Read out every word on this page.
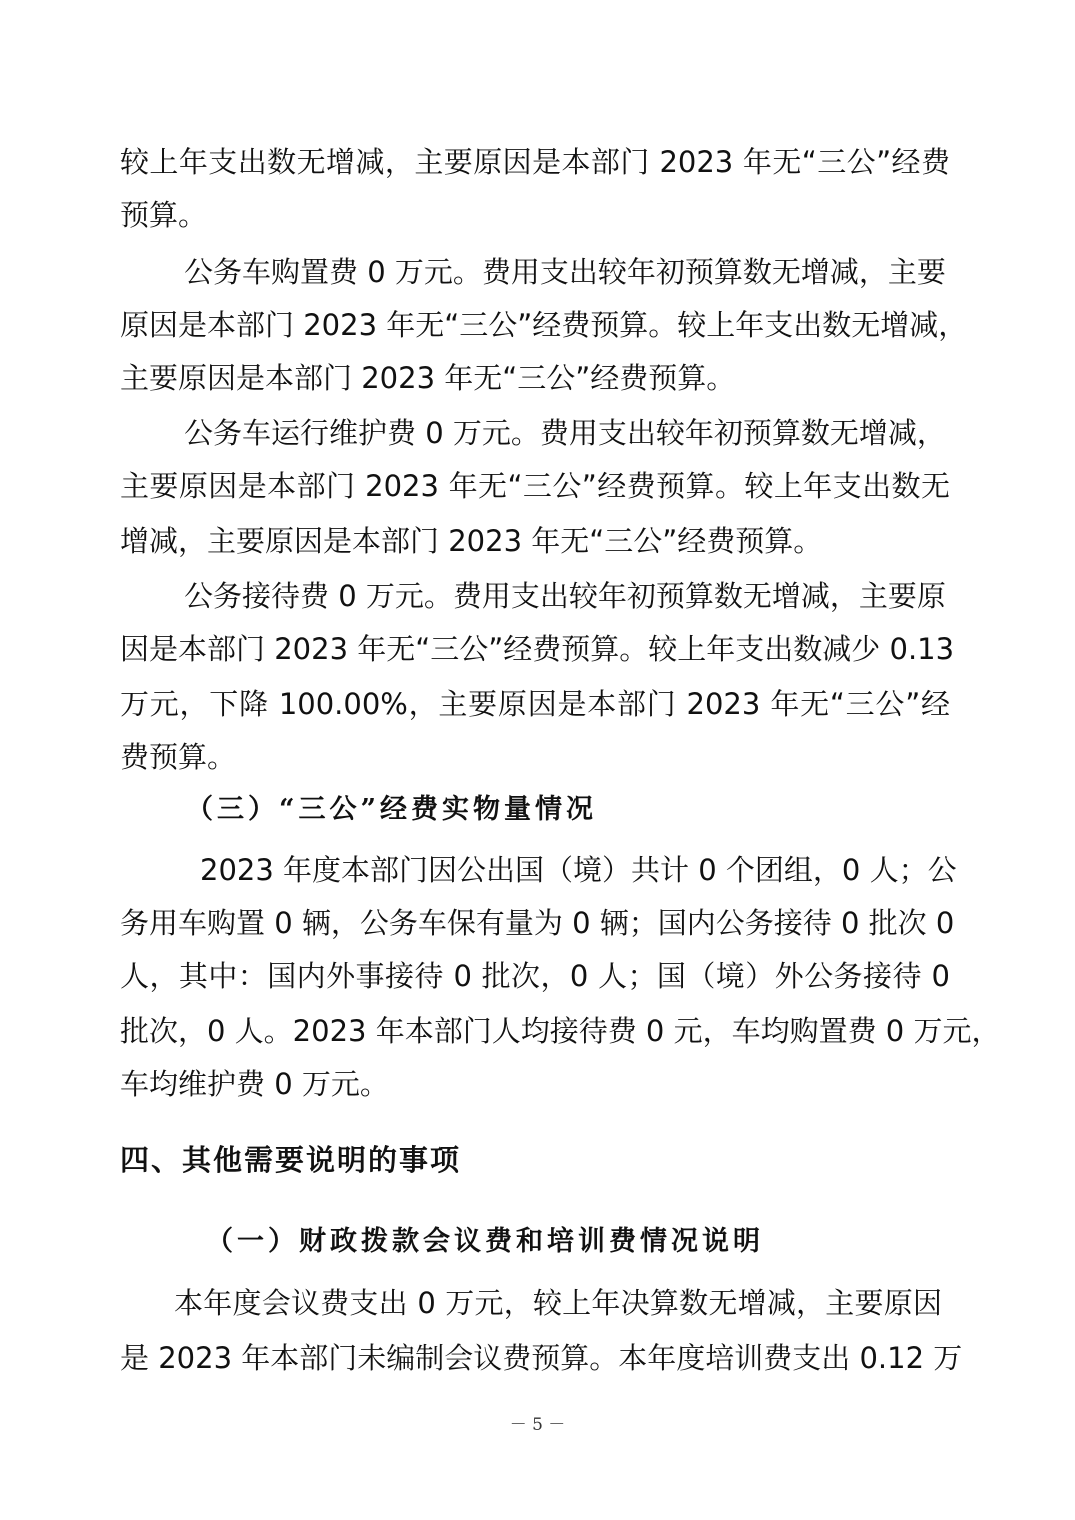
较上年支出数无增减，主要原因是本部门 2023 年无“三公”经费
预算。
公务车购置费 0 万元。费用支出较年初预算数无增减，主要
原因是本部门 2023 年无“三公”经费预算。较上年支出数无增减，
主要原因是本部门 2023 年无“三公”经费预算。
公务车运行维护费 0 万元。费用支出较年初预算数无增减，
主要原因是本部门 2023 年无“三公”经费预算。较上年支出数无
增减，主要原因是本部门 2023 年无“三公”经费预算。
公务接待费 0 万元。费用支出较年初预算数无增减，主要原
因是本部门 2023 年无“三公”经费预算。较上年支出数减少 0.13
万元，下降 100.00%，主要原因是本部门 2023 年无“三公”经
费预算。
（三）“三公”经费实物量情况
2023 年度本部门因公出国（境）共计 0 个团组，0 人；公
务用车购置 0 辆，公务车保有量为 0 辆；国内公务接待 0 批次 0
人，其中：国内外事接待 0 批次，0 人；国（境）外公务接待 0
批次，0 人。2023 年本部门人均接待费 0 元，车均购置费 0 万元，
车均维护费 0 万元。
四、其他需要说明的事项
（一）财政拨款会议费和培训费情况说明
本年度会议费支出 0 万元，较上年决算数无增减，主要原因
是 2023 年本部门未编制会议费预算。本年度培训费支出 0.12 万
－ 5 －
